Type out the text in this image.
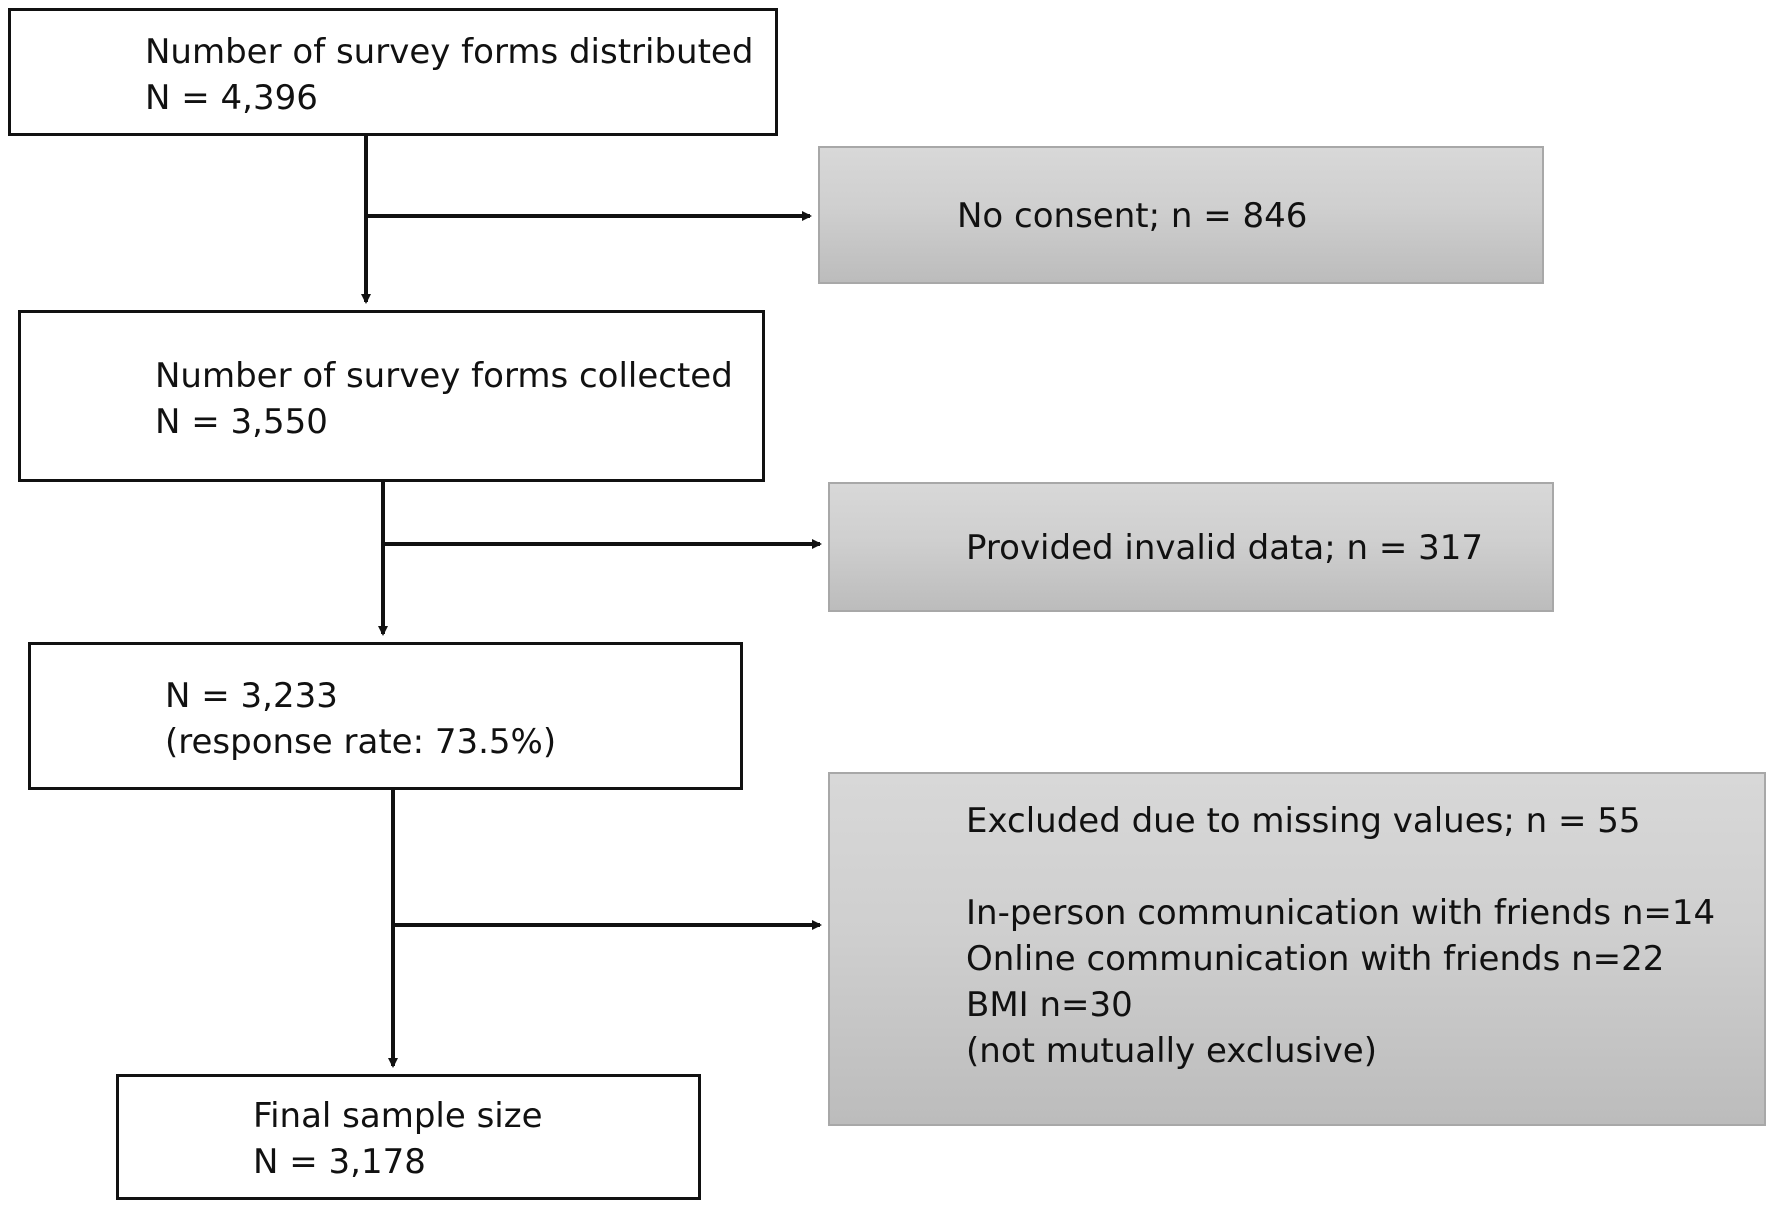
Number of survey forms distributed
N = 4,396
No consent; n = 846
Number of survey forms collected
N = 3,550
Provided invalid data; n = 317
N = 3,233
(response rate: 73.5%)
Excluded due to missing values; n = 55
In-person communication with friends n=14
Online communication with friends n=22
BMI n=30
(not mutually exclusive)
Final sample size
N = 3,178
